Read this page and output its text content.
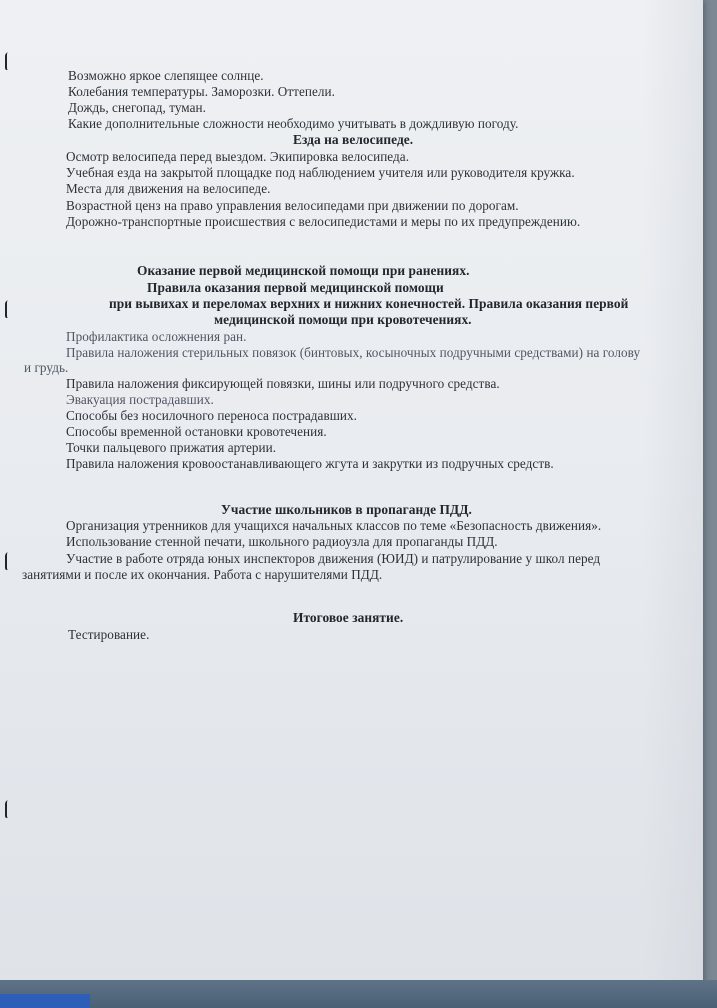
Возможно яркое слепящее солнце.
Колебания температуры. Заморозки. Оттепели.
Дождь, снегопад, туман.
Какие дополнительные сложности необходимо учитывать в дождливую погоду.
Езда на велосипеде.
Осмотр велосипеда перед выездом. Экипировка велосипеда.
Учебная езда на закрытой площадке под наблюдением учителя или руководителя кружка.
Места для движения на велосипеде.
Возрастной ценз на право управления велосипедами при движении по дорогам.
Дорожно-транспортные происшествия с велосипедистами и меры по их предупреждению.
Оказание первой медицинской помощи при ранениях.
Правила оказания первой медицинской помощи
при вывихах и переломах верхних и нижних конечностей. Правила оказания первой
медицинской помощи при кровотечениях.
Профилактика осложнения ран.
Правила наложения стерильных повязок (бинтовых, косыночных подручными средствами) на голову
и грудь.
Правила наложения фиксирующей повязки, шины или подручного средства.
Эвакуация пострадавших.
Способы без носилочного переноса пострадавших.
Способы временной остановки кровотечения.
Точки пальцевого прижатия артерии.
Правила наложения кровоостанавливающего жгута и закрутки из подручных средств.
Участие школьников в пропаганде ПДД.
Организация утренников для учащихся начальных классов по теме «Безопасность движения».
Использование стенной печати, школьного радиоузла для пропаганды ПДД.
Участие в работе отряда юных инспекторов движения (ЮИД) и патрулирование у школ перед
занятиями и после их окончания. Работа с нарушителями ПДД.
Итоговое занятие.
Тестирование.
